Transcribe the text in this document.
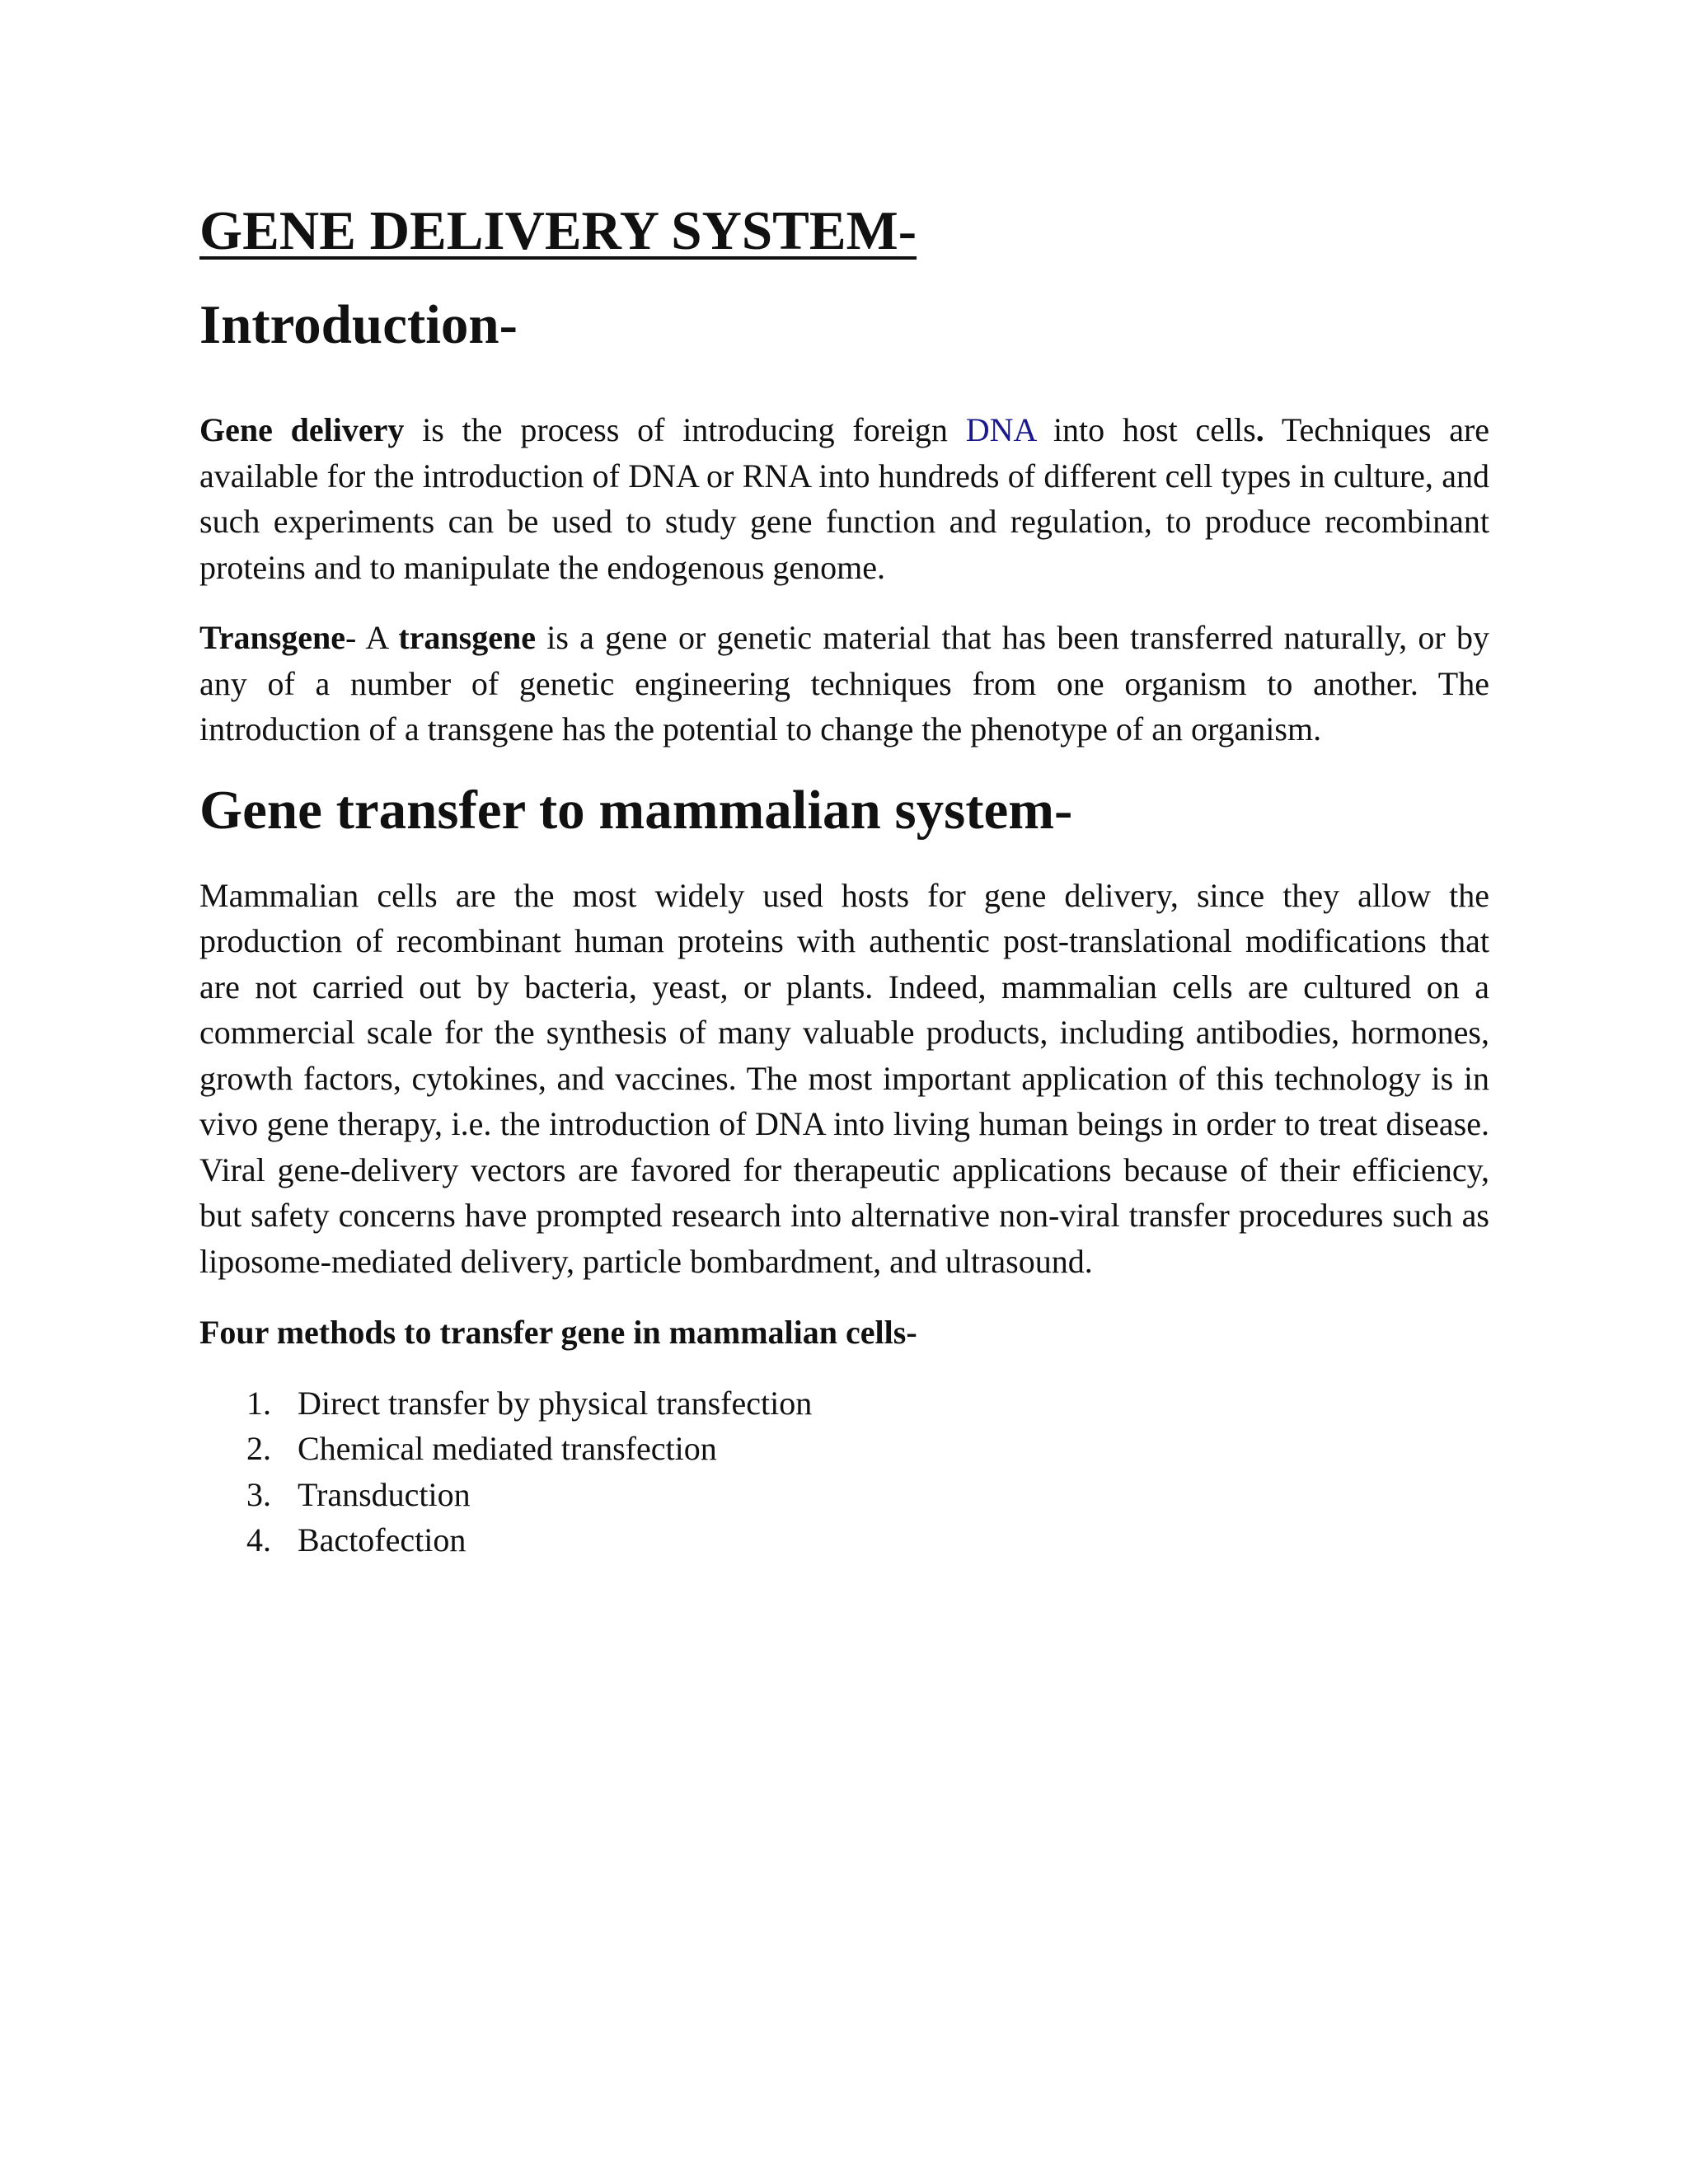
GENE DELIVERY SYSTEM-
Introduction-

Gene delivery is the process of introducing foreign DNA into host cells. Techniques are available for the introduction of DNA or RNA into hundreds of different cell types in culture, and such experiments can be used to study gene function and regulation, to produce recombinant proteins and to manipulate the endogenous genome.

Transgene- A transgene is a gene or genetic material that has been transferred naturally, or by any of a number of genetic engineering techniques from one organism to another. The introduction of a transgene has the potential to change the phenotype of an organism.

Gene transfer to mammalian system-

Mammalian cells are the most widely used hosts for gene delivery, since they allow the production of recombinant human proteins with authentic post-translational modifications that are not carried out by bacteria, yeast, or plants. Indeed, mammalian cells are cultured on a commercial scale for the synthesis of many valuable products, including antibodies, hormones, growth factors, cytokines, and vaccines. The most important application of this technology is in vivo gene therapy, i.e. the introduction of DNA into living human beings in order to treat disease. Viral gene-delivery vectors are favored for therapeutic applications because of their efficiency, but safety concerns have prompted research into alternative non-viral transfer procedures such as liposome-mediated delivery, particle bombardment, and ultrasound.

Four methods to transfer gene in mammalian cells-
1. Direct transfer by physical transfection
2. Chemical mediated transfection
3. Transduction
4. Bactofection
